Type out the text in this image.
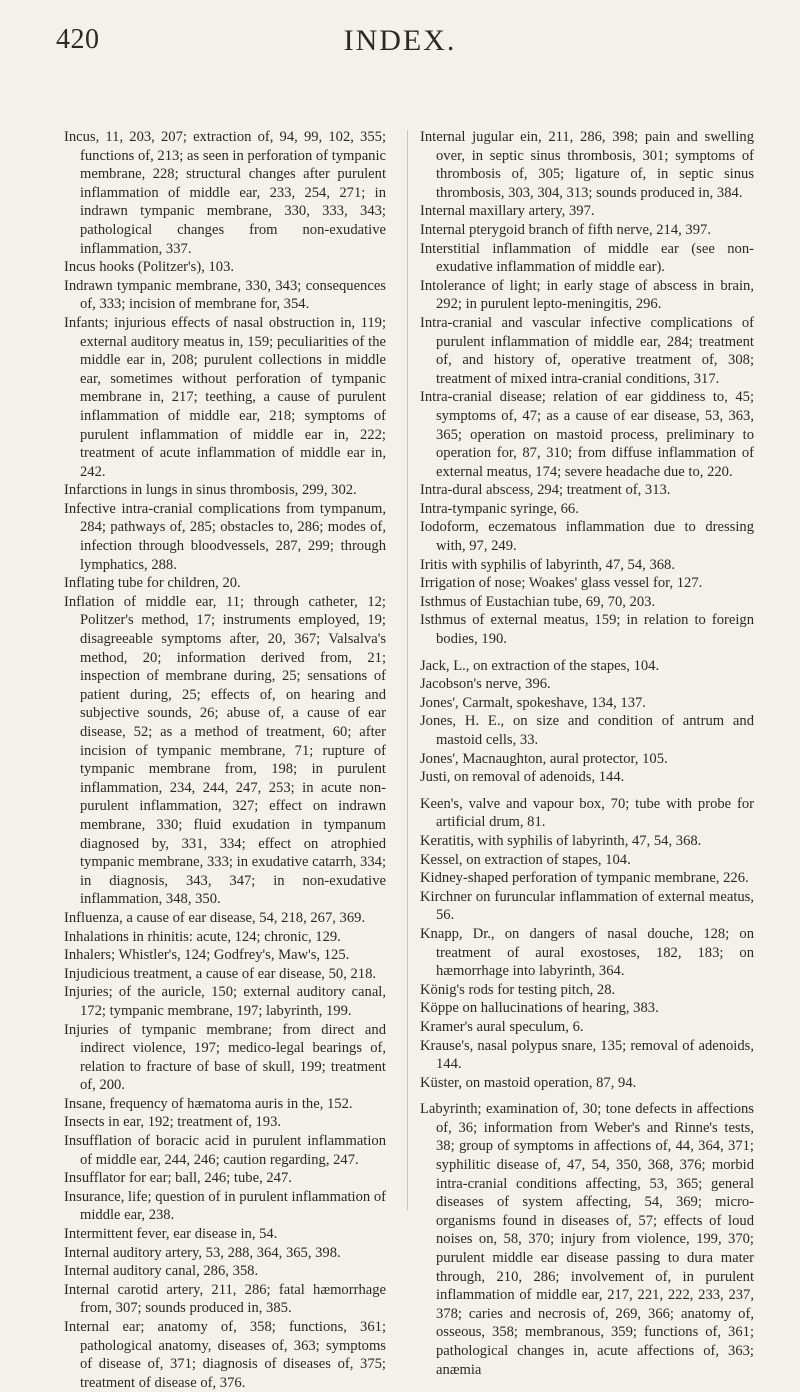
420	INDEX.

Incus, 11, 203, 207; extraction of, 94, 99, 102, 355; functions of, 213; as seen in perforation of tympanic membrane, 228; structural changes after purulent inflammation of middle ear, 233, 254, 271; in indrawn tympanic membrane, 330, 333, 343; pathological changes from non-exudative inflammation, 337.

Incus hooks (Politzer's), 103.

Indrawn tympanic membrane, 330, 343; consequences of, 333; incision of membrane for, 354.

Infants; injurious effects of nasal obstruction in, 119; external auditory meatus in, 159; peculiarities of the middle ear in, 208; purulent collections in middle ear, sometimes without perforation of tympanic membrane in, 217; teething, a cause of purulent inflammation of middle ear, 218; symptoms of purulent inflammation of middle ear in, 222; treatment of acute inflammation of middle ear in, 242.

Infarctions in lungs in sinus thrombosis, 299, 302.

Infective intra-cranial complications from tympanum, 284; pathways of, 285; obstacles to, 286; modes of, infection through bloodvessels, 287, 299; through lymphatics, 288.

Inflating tube for children, 20.

Inflation of middle ear, 11; through catheter, 12; Politzer's method, 17; instruments employed, 19; disagreeable symptoms after, 20, 367; Valsalva's method, 20; information derived from, 21; inspection of membrane during, 25; sensations of patient during, 25; effects of, on hearing and subjective sounds, 26; abuse of, a cause of ear disease, 52; as a method of treatment, 60; after incision of tympanic membrane, 71; rupture of tympanic membrane from, 198; in purulent inflammation, 234, 244, 247, 253; in acute non-purulent inflammation, 327; effect on indrawn membrane, 330; fluid exudation in tympanum diagnosed by, 331, 334; effect on atrophied tympanic membrane, 333; in exudative catarrh, 334; in diagnosis, 343, 347; in non-exudative inflammation, 348, 350.

Influenza, a cause of ear disease, 54, 218, 267, 369.

Inhalations in rhinitis: acute, 124; chronic, 129.

Inhalers; Whistler's, 124; Godfrey's, Maw's, 125.

Injudicious treatment, a cause of ear disease, 50, 218.

Injuries; of the auricle, 150; external auditory canal, 172; tympanic membrane, 197; labyrinth, 199.

Injuries of tympanic membrane; from direct and indirect violence, 197; medico-legal bearings of, relation to fracture of base of skull, 199; treatment of, 200.

Insane, frequency of hæmatoma auris in the, 152.

Insects in ear, 192; treatment of, 193.

Insufflation of boracic acid in purulent inflammation of middle ear, 244, 246; caution regarding, 247.

Insufflator for ear; ball, 246; tube, 247.

Insurance, life; question of in purulent inflammation of middle ear, 238.

Intermittent fever, ear disease in, 54.

Internal auditory artery, 53, 288, 364, 365, 398.

Internal auditory canal, 286, 358.

Internal carotid artery, 211, 286; fatal hæmorrhage from, 307; sounds produced in, 385.

Internal ear; anatomy of, 358; functions, 361; pathological anatomy, diseases of, 363; symptoms of disease of, 371; diagnosis of diseases of, 375; treatment of disease of, 376.

Internal jugular ein, 211, 286, 398; pain and swelling over, in septic sinus thrombosis, 301; symptoms of thrombosis of, 305; ligature of, in septic sinus thrombosis, 303, 304, 313; sounds produced in, 384.

Internal maxillary artery, 397.

Internal pterygoid branch of fifth nerve, 214, 397.

Interstitial inflammation of middle ear (see non-exudative inflammation of middle ear).

Intolerance of light; in early stage of abscess in brain, 292; in purulent lepto-meningitis, 296.

Intra-cranial and vascular infective complications of purulent inflammation of middle ear, 284; treatment of, and history of, operative treatment of, 308; treatment of mixed intra-cranial conditions, 317.

Intra-cranial disease; relation of ear giddiness to, 45; symptoms of, 47; as a cause of ear disease, 53, 363, 365; operation on mastoid process, preliminary to operation for, 87, 310; from diffuse inflammation of external meatus, 174; severe headache due to, 220.

Intra-dural abscess, 294; treatment of, 313.

Intra-tympanic syringe, 66.

Iodoform, eczematous inflammation due to dressing with, 97, 249.

Iritis with syphilis of labyrinth, 47, 54, 368.

Irrigation of nose; Woakes' glass vessel for, 127.

Isthmus of Eustachian tube, 69, 70, 203.

Isthmus of external meatus, 159; in relation to foreign bodies, 190.

Jack, L., on extraction of the stapes, 104.

Jacobson's nerve, 396.

Jones', Carmalt, spokeshave, 134, 137.

Jones, H. E., on size and condition of antrum and mastoid cells, 33.

Jones', Macnaughton, aural protector, 105.

Justi, on removal of adenoids, 144.

Keen's, valve and vapour box, 70; tube with probe for artificial drum, 81.

Keratitis, with syphilis of labyrinth, 47, 54, 368.

Kessel, on extraction of stapes, 104.

Kidney-shaped perforation of tympanic membrane, 226.

Kirchner on furuncular inflammation of external meatus, 56.

Knapp, Dr., on dangers of nasal douche, 128; on treatment of aural exostoses, 182, 183; on hæmorrhage into labyrinth, 364.

König's rods for testing pitch, 28.

Köppe on hallucinations of hearing, 383.

Kramer's aural speculum, 6.

Krause's, nasal polypus snare, 135; removal of adenoids, 144.

Küster, on mastoid operation, 87, 94.

Labyrinth; examination of, 30; tone defects in affections of, 36; information from Weber's and Rinne's tests, 38; group of symptoms in affections of, 44, 364, 371; syphilitic disease of, 47, 54, 350, 368, 376; morbid intra-cranial conditions affecting, 53, 365; general diseases of system affecting, 54, 369; micro-organisms found in diseases of, 57; effects of loud noises on, 58, 370; injury from violence, 199, 370; purulent middle ear disease passing to dura mater through, 210, 286; involvement of, in purulent inflammation of middle ear, 217, 221, 222, 233, 237, 378; caries and necrosis of, 269, 366; anatomy of, osseous, 358; membranous, 359; functions of, 361; pathological changes in, acute affections of, 363; anæmia
